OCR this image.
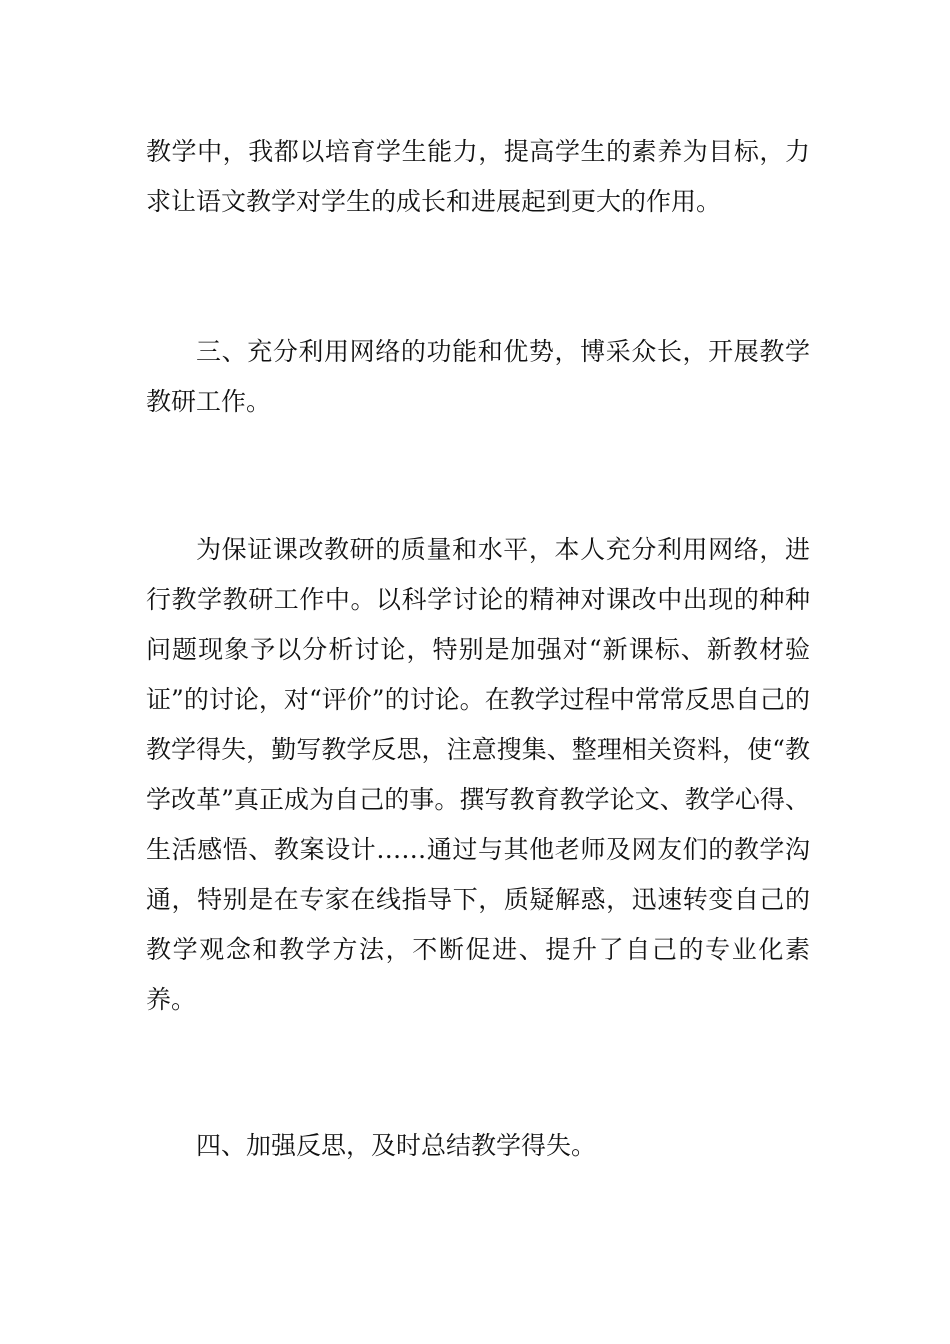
教学中，我都以培育学生能力，提高学生的素养为目标，力求让语文教学对学生的成长和进展起到更大的作用。

三、充分利用网络的功能和优势，博采众长，开展教学教研工作。

为保证课改教研的质量和水平，本人充分利用网络，进行教学教研工作中。以科学讨论的精神对课改中出现的种种问题现象予以分析讨论，特别是加强对“新课标、新教材验证”的讨论，对“评价”的讨论。在教学过程中常常反思自己的教学得失，勤写教学反思，注意搜集、整理相关资料，使“教学改革”真正成为自己的事。撰写教育教学论文、教学心得、生活感悟、教案设计……通过与其他老师及网友们的教学沟通，特别是在专家在线指导下，质疑解惑，迅速转变自己的教学观念和教学方法，不断促进、提升了自己的专业化素养。

四、加强反思，及时总结教学得失。
